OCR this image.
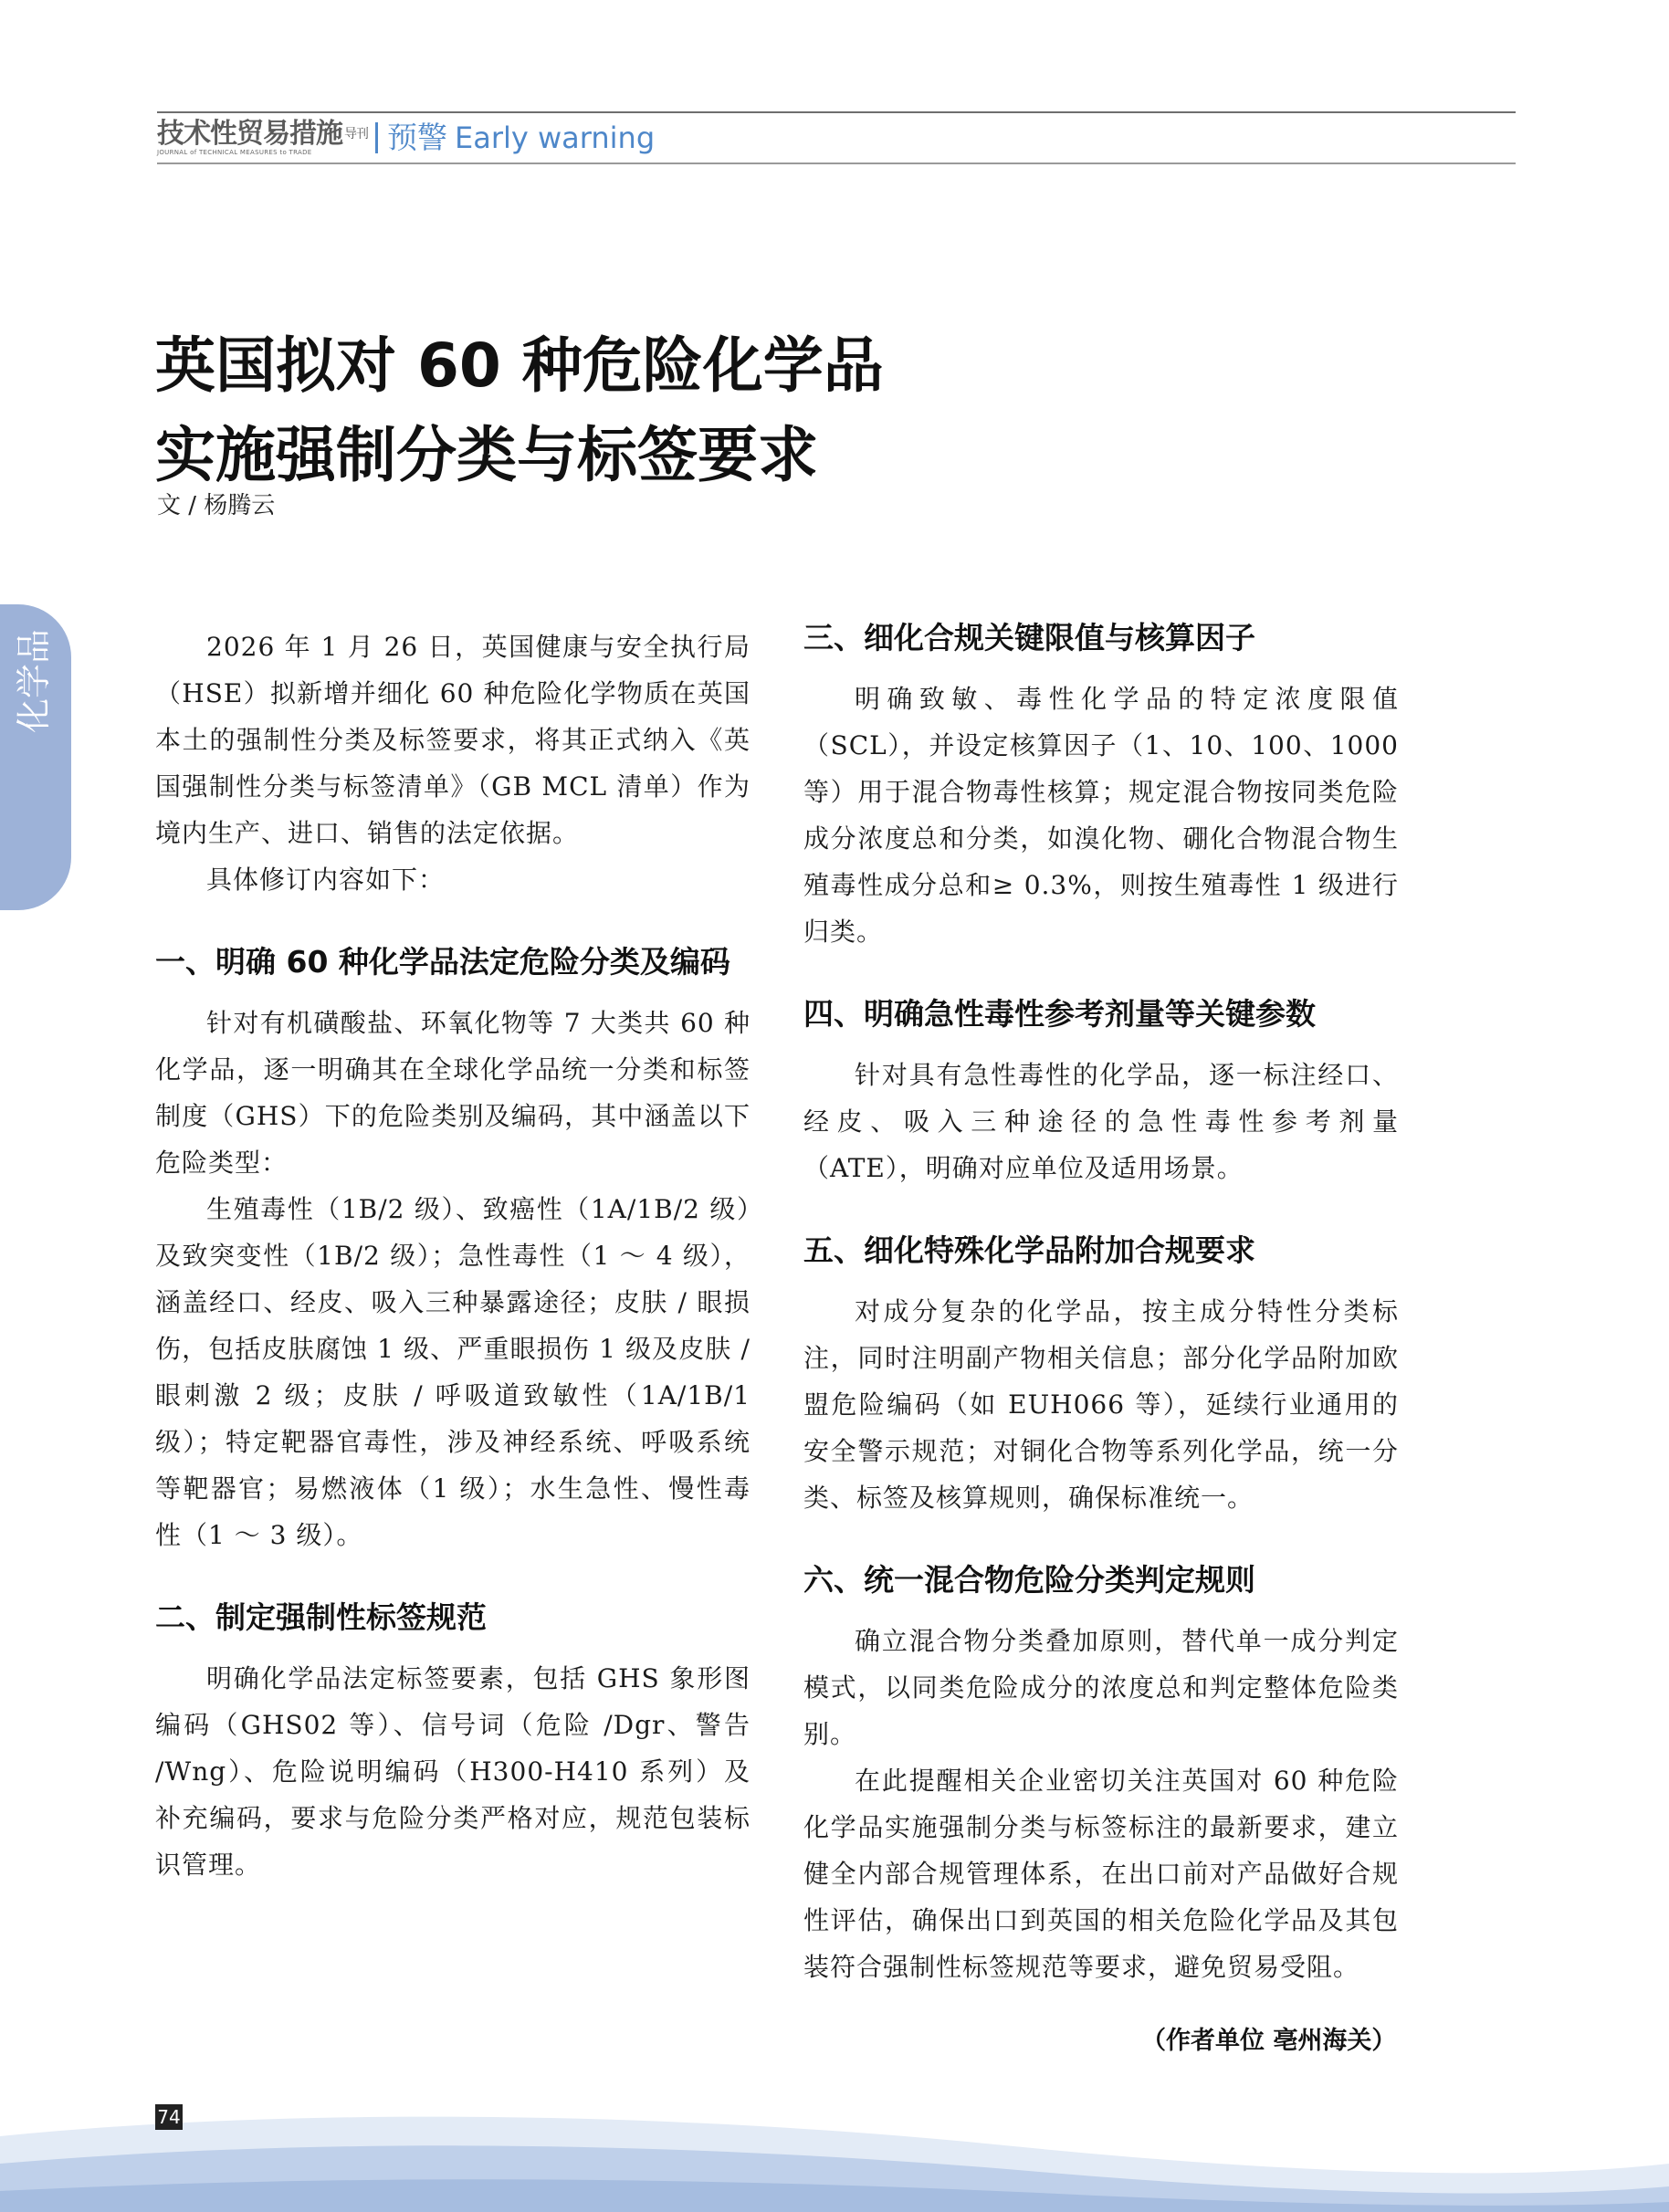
技术性贸易措施 $^{导刊}$
JOURNAL of TECHNICAL MEASURES to TRADE	预警 Early warning
英国拟对 60 种危险化学品
实施强制分类与标签要求
文 / 杨腾云

2026 年 1 月 26 日，英国健康与安全执行局（HSE）拟新增并细化 60 种危险化学物质在英国本土的强制性分类及标签要求，将其正式纳入《英国强制性分类与标签清单》（GB MCL 清单）作为境内生产、进口、销售的法定依据。

具体修订内容如下：

一、明确 60 种化学品法定危险分类及编码

针对有机磺酸盐、环氧化物等 7 大类共 60 种化学品，逐一明确其在全球化学品统一分类和标签制度（GHS）下的危险类别及编码，其中涵盖以下危险类型：

生殖毒性（1B/2 级）、致癌性（1A/1B/2 级）及致突变性（1B/2 级）；急性毒性（1 ～ 4 级），涵盖经口、经皮、吸入三种暴露途径；皮肤 / 眼损伤，包括皮肤腐蚀 1 级、严重眼损伤 1 级及皮肤 / 眼刺激 2 级；皮肤 / 呼吸道致敏性（1A/1B/1 级）；特定靶器官毒性，涉及神经系统、呼吸系统等靶器官；易燃液体（1 级）；水生急性、慢性毒性（1 ～ 3 级）。

二、制定强制性标签规范

明确化学品法定标签要素，包括 GHS 象形图编码（GHS02 等）、信号词（危险 /Dgr、警告 /Wng）、危险说明编码（H300-H410 系列）及补充编码，要求与危险分类严格对应，规范包装标识管理。

三、细化合规关键限值与核算因子

明确致敏、毒性化学品的特定浓度限值（SCL），并设定核算因子（1、10、100、1000 等）用于混合物毒性核算；规定混合物按同类危险成分浓度总和分类，如溴化物、硼化合物混合物生殖毒性成分总和≥ 0.3%，则按生殖毒性 1 级进行归类。

四、明确急性毒性参考剂量等关键参数

针对具有急性毒性的化学品，逐一标注经口、经皮、吸入三种途径的急性毒性参考剂量（ATE），明确对应单位及适用场景。

五、细化特殊化学品附加合规要求

对成分复杂的化学品，按主成分特性分类标注，同时注明副产物相关信息；部分化学品附加欧盟危险编码（如 EUH066 等），延续行业通用的安全警示规范；对铜化合物等系列化学品，统一分类、标签及核算规则，确保标准统一。

六、统一混合物危险分类判定规则

确立混合物分类叠加原则，替代单一成分判定模式，以同类危险成分的浓度总和判定整体危险类别。

在此提醒相关企业密切关注英国对 60 种危险化学品实施强制分类与标签标注的最新要求，建立健全内部合规管理体系，在出口前对产品做好合规性评估，确保出口到英国的相关危险化学品及其包装符合强制性标签规范等要求，避免贸易受阻。

（作者单位 亳州海关）
74
